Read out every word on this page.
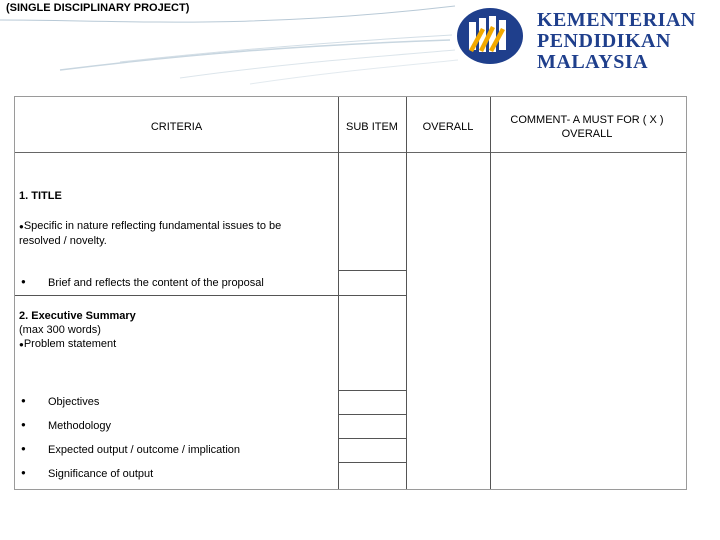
(SINGLE DISCIPLINARY PROJECT)
KEMENTERIAN
PENDIDIKAN
MALAYSIA
CRITERIA	SUB ITEM	OVERALL
COMMENT- A MUST FOR ( X ) OVERALL
1. TITLE
●Specific in nature reflecting fundamental issues to be resolved / novelty.
● Brief and reflects the content of the proposal
2. Executive Summary
(max 300 words)
●Problem statement
● Objectives
● Methodology
● Expected output / outcome / implication
● Significance of output
